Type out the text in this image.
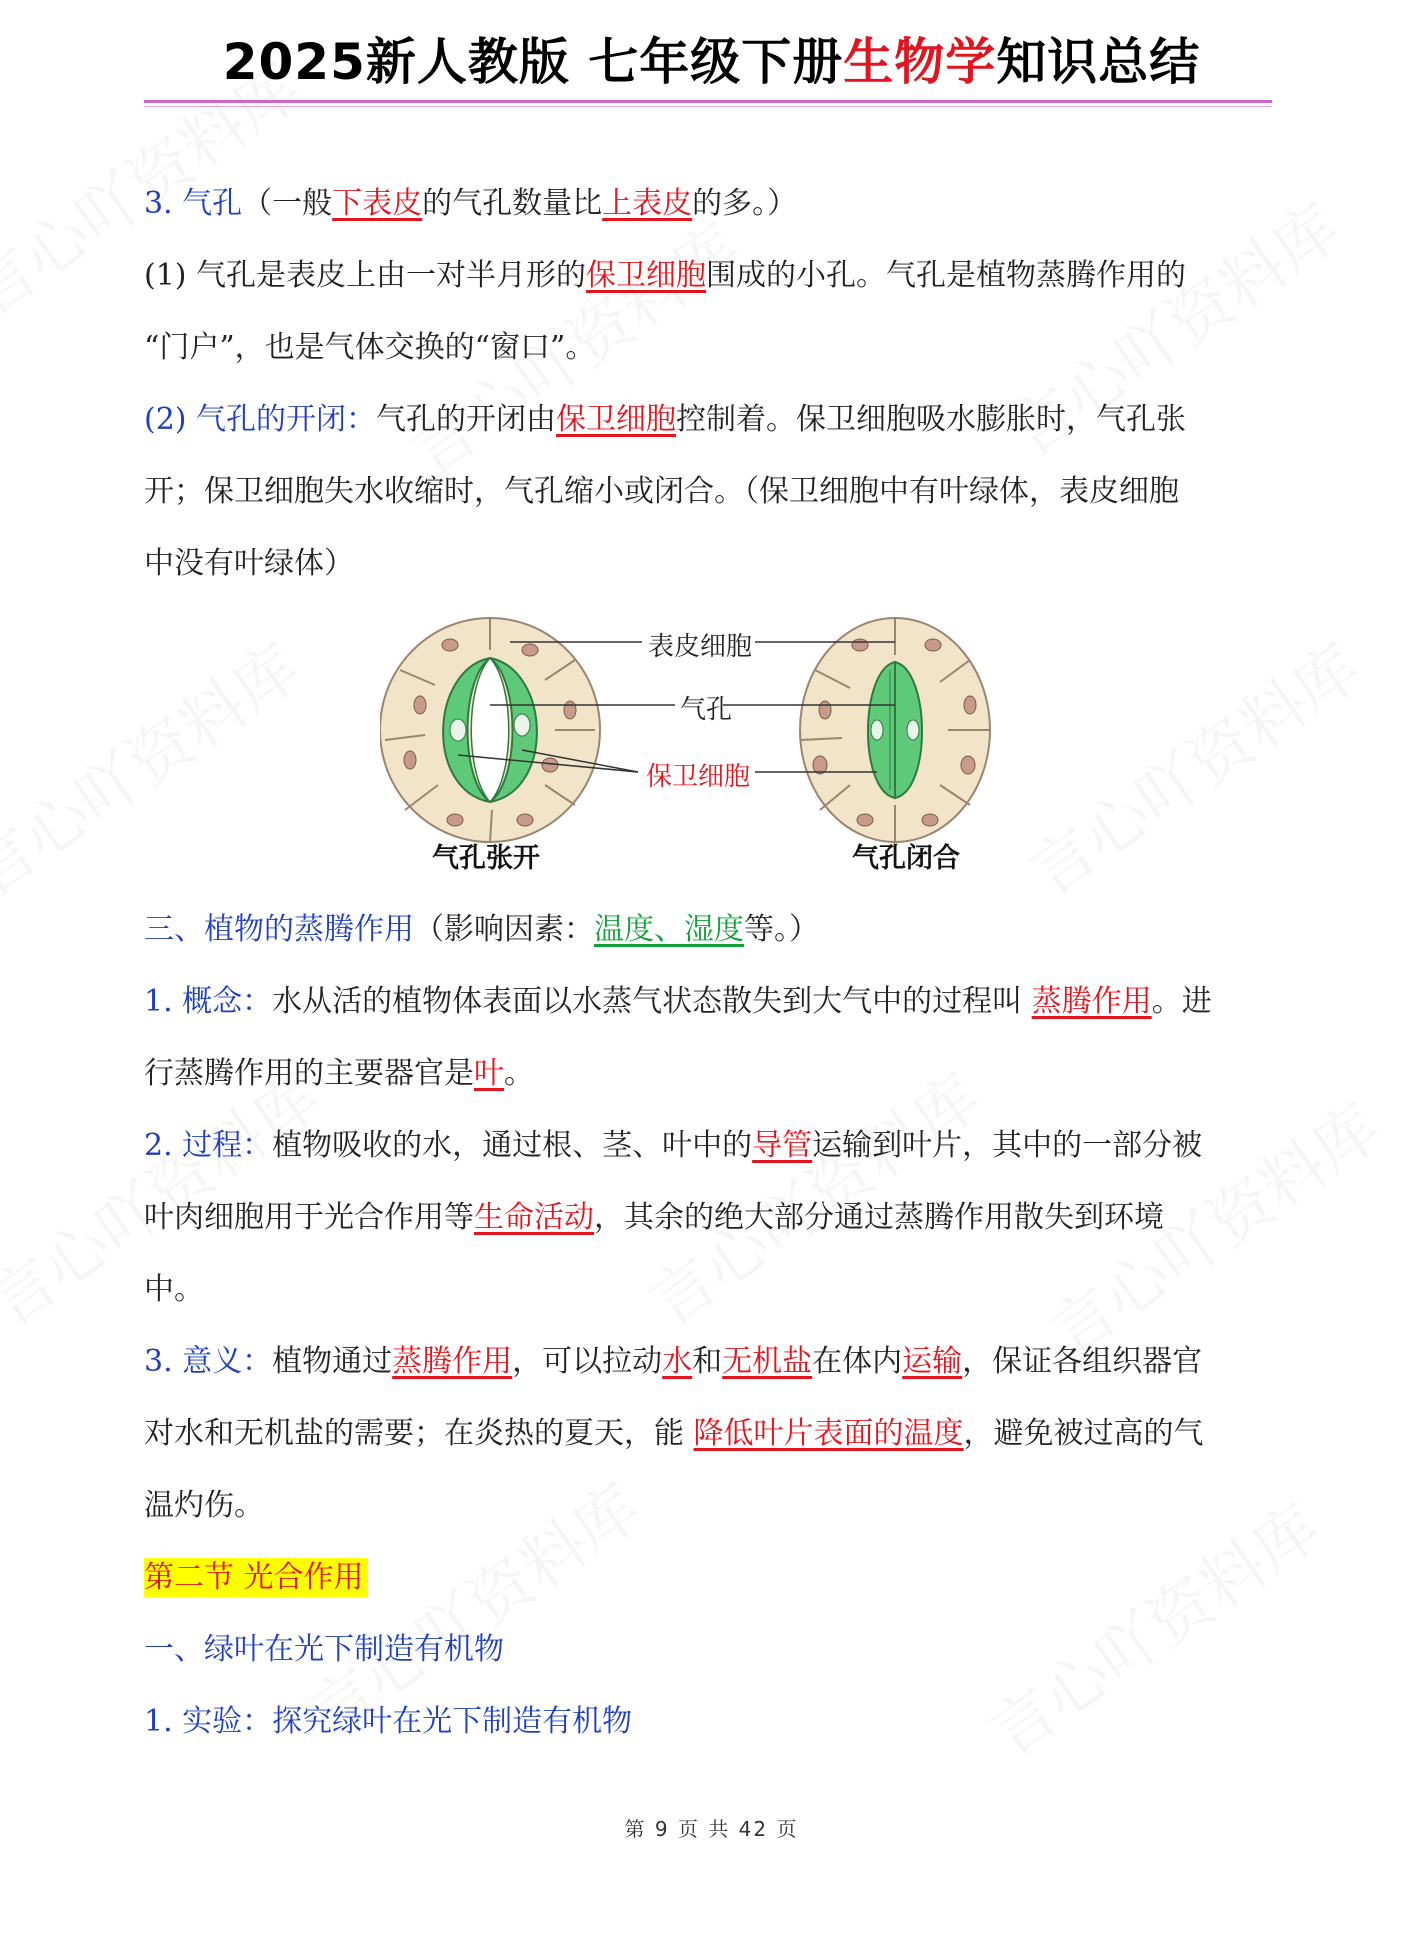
2025新人教版 七年级下册生物学知识总结
3. 气孔（一般下表皮的气孔数量比上表皮的多。）
(1) 气孔是表皮上由一对半月形的保卫细胞围成的小孔。气孔是植物蒸腾作用的
“门户”，也是气体交换的“窗口”。
(2) 气孔的开闭：气孔的开闭由保卫细胞控制着。保卫细胞吸水膨胀时，气孔张
开；保卫细胞失水收缩时，气孔缩小或闭合。（保卫细胞中有叶绿体，表皮细胞
中没有叶绿体）
表皮细胞
气孔
保卫细胞
气孔张开	气孔闭合
三、植物的蒸腾作用（影响因素：温度、湿度等。）
1. 概念：水从活的植物体表面以水蒸气状态散失到大气中的过程叫 蒸腾作用。进
行蒸腾作用的主要器官是叶。
2. 过程：植物吸收的水，通过根、茎、叶中的导管运输到叶片，其中的一部分被
叶肉细胞用于光合作用等生命活动，其余的绝大部分通过蒸腾作用散失到环境
中。
3. 意义：植物通过蒸腾作用，可以拉动水和无机盐在体内运输，保证各组织器官
对水和无机盐的需要；在炎热的夏天，能 降低叶片表面的温度，避免被过高的气
温灼伤。
第二节 光合作用
一、绿叶在光下制造有机物
1. 实验：探究绿叶在光下制造有机物
第 9 页 共 42 页
